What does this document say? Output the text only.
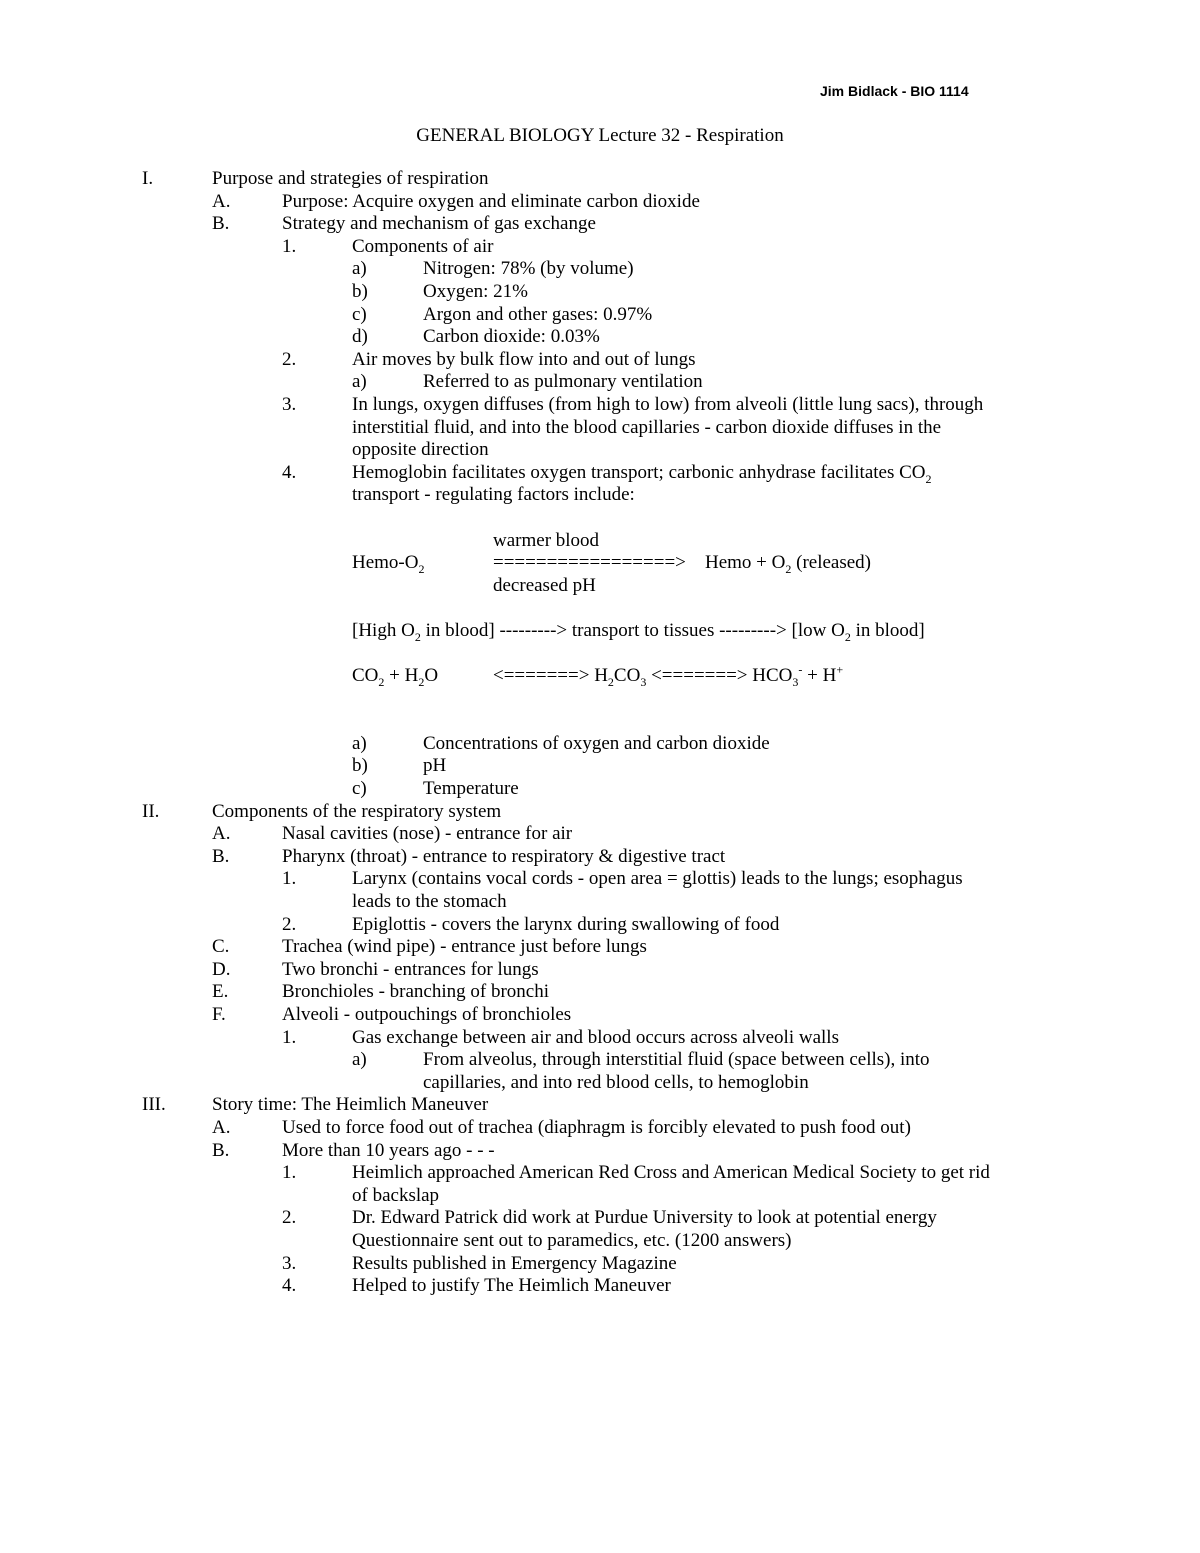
Jim Bidlack - BIO 1114
GENERAL BIOLOGY Lecture 32 - Respiration
I.	Purpose and strategies of respiration
A.	Purpose: Acquire oxygen and eliminate carbon dioxide
B.	Strategy and mechanism of gas exchange
1.	Components of air
a)	Nitrogen: 78% (by volume)
b)	Oxygen: 21%
c)	Argon and other gases: 0.97%
d)	Carbon dioxide: 0.03%
2.	Air moves by bulk flow into and out of lungs
a)	Referred to as pulmonary ventilation
3.	In lungs, oxygen diffuses (from high to low) from alveoli (little lung sacs), through
interstitial fluid, and into the blood capillaries - carbon dioxide diffuses in the
opposite direction
4.	Hemoglobin facilitates oxygen transport; carbonic anhydrase facilitates $CO_2$
transport - regulating factors include:
warmer blood
Hemo-$O_2$	=================> Hemo + $O_2$ (released)
decreased pH
[High $O_2$ in blood] ---------> transport to tissues ---------> [low $O_2$ in blood]
$CO_2 + H_2O$	<=======> $H_2CO_3$ <=======> $HCO_3^- + H^+$
a)	Concentrations of oxygen and carbon dioxide
b)	pH
c)	Temperature
II.	Components of the respiratory system
A.	Nasal cavities (nose) - entrance for air
B.	Pharynx (throat) - entrance to respiratory & digestive tract
1.	Larynx (contains vocal cords - open area = glottis) leads to the lungs; esophagus
leads to the stomach
2.	Epiglottis - covers the larynx during swallowing of food
C.	Trachea (wind pipe) - entrance just before lungs
D.	Two bronchi - entrances for lungs
E.	Bronchioles - branching of bronchi
F.	Alveoli - outpouchings of bronchioles
1.	Gas exchange between air and blood occurs across alveoli walls
a)	From alveolus, through interstitial fluid (space between cells), into
capillaries, and into red blood cells, to hemoglobin
III. Story time: The Heimlich Maneuver
A.	Used to force food out of trachea (diaphragm is forcibly elevated to push food out)
B.	More than 10 years ago - - -
1.	Heimlich approached American Red Cross and American Medical Society to get rid
of backslap
2.	Dr. Edward Patrick did work at Purdue University to look at potential energy
Questionnaire sent out to paramedics, etc. (1200 answers)
3.	Results published in Emergency Magazine
4.	Helped to justify The Heimlich Maneuver
